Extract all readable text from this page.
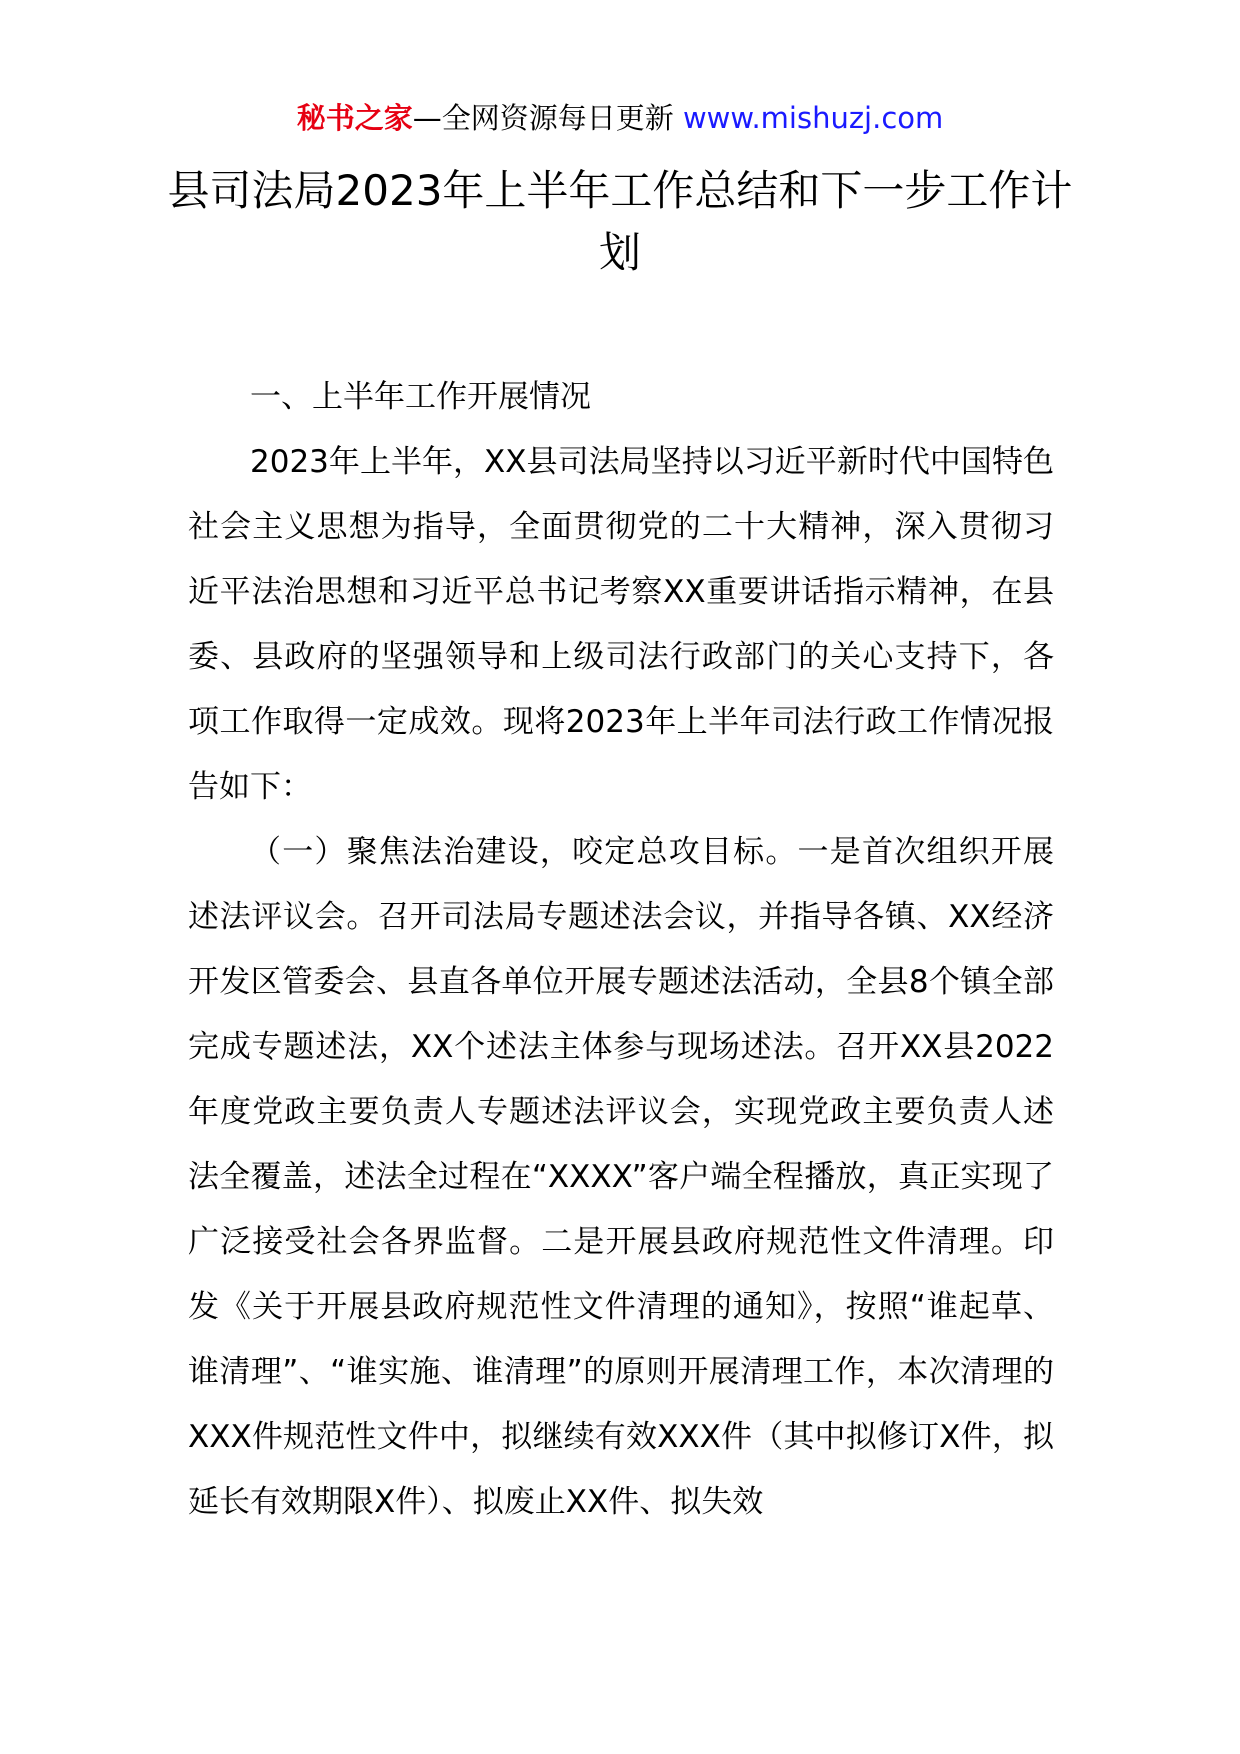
秘书之家—全网资源每日更新 www.mishuzj.com
县司法局2023年上半年工作总结和下一步工作计划
一、上半年工作开展情况

2023年上半年，XX县司法局坚持以习近平新时代中国特色社会主义思想为指导，全面贯彻党的二十大精神，深入贯彻习近平法治思想和习近平总书记考察XX重要讲话指示精神，在县委、县政府的坚强领导和上级司法行政部门的关心支持下，各项工作取得一定成效。现将2023年上半年司法行政工作情况报告如下：

（一）聚焦法治建设，咬定总攻目标。一是首次组织开展述法评议会。召开司法局专题述法会议，并指导各镇、XX经济开发区管委会、县直各单位开展专题述法活动，全县8个镇全部完成专题述法，XX个述法主体参与现场述法。召开XX县2022年度党政主要负责人专题述法评议会，实现党政主要负责人述法全覆盖，述法全过程在“XXXX”客户端全程播放，真正实现了广泛接受社会各界监督。二是开展县政府规范性文件清理。印发《关于开展县政府规范性文件清理的通知》，按照“谁起草、谁清理”、“谁实施、谁清理”的原则开展清理工作，本次清理的XXX件规范性文件中，拟继续有效XXX件（其中拟修订X件，拟延长有效期限X件）、拟废止XX件、拟失效
